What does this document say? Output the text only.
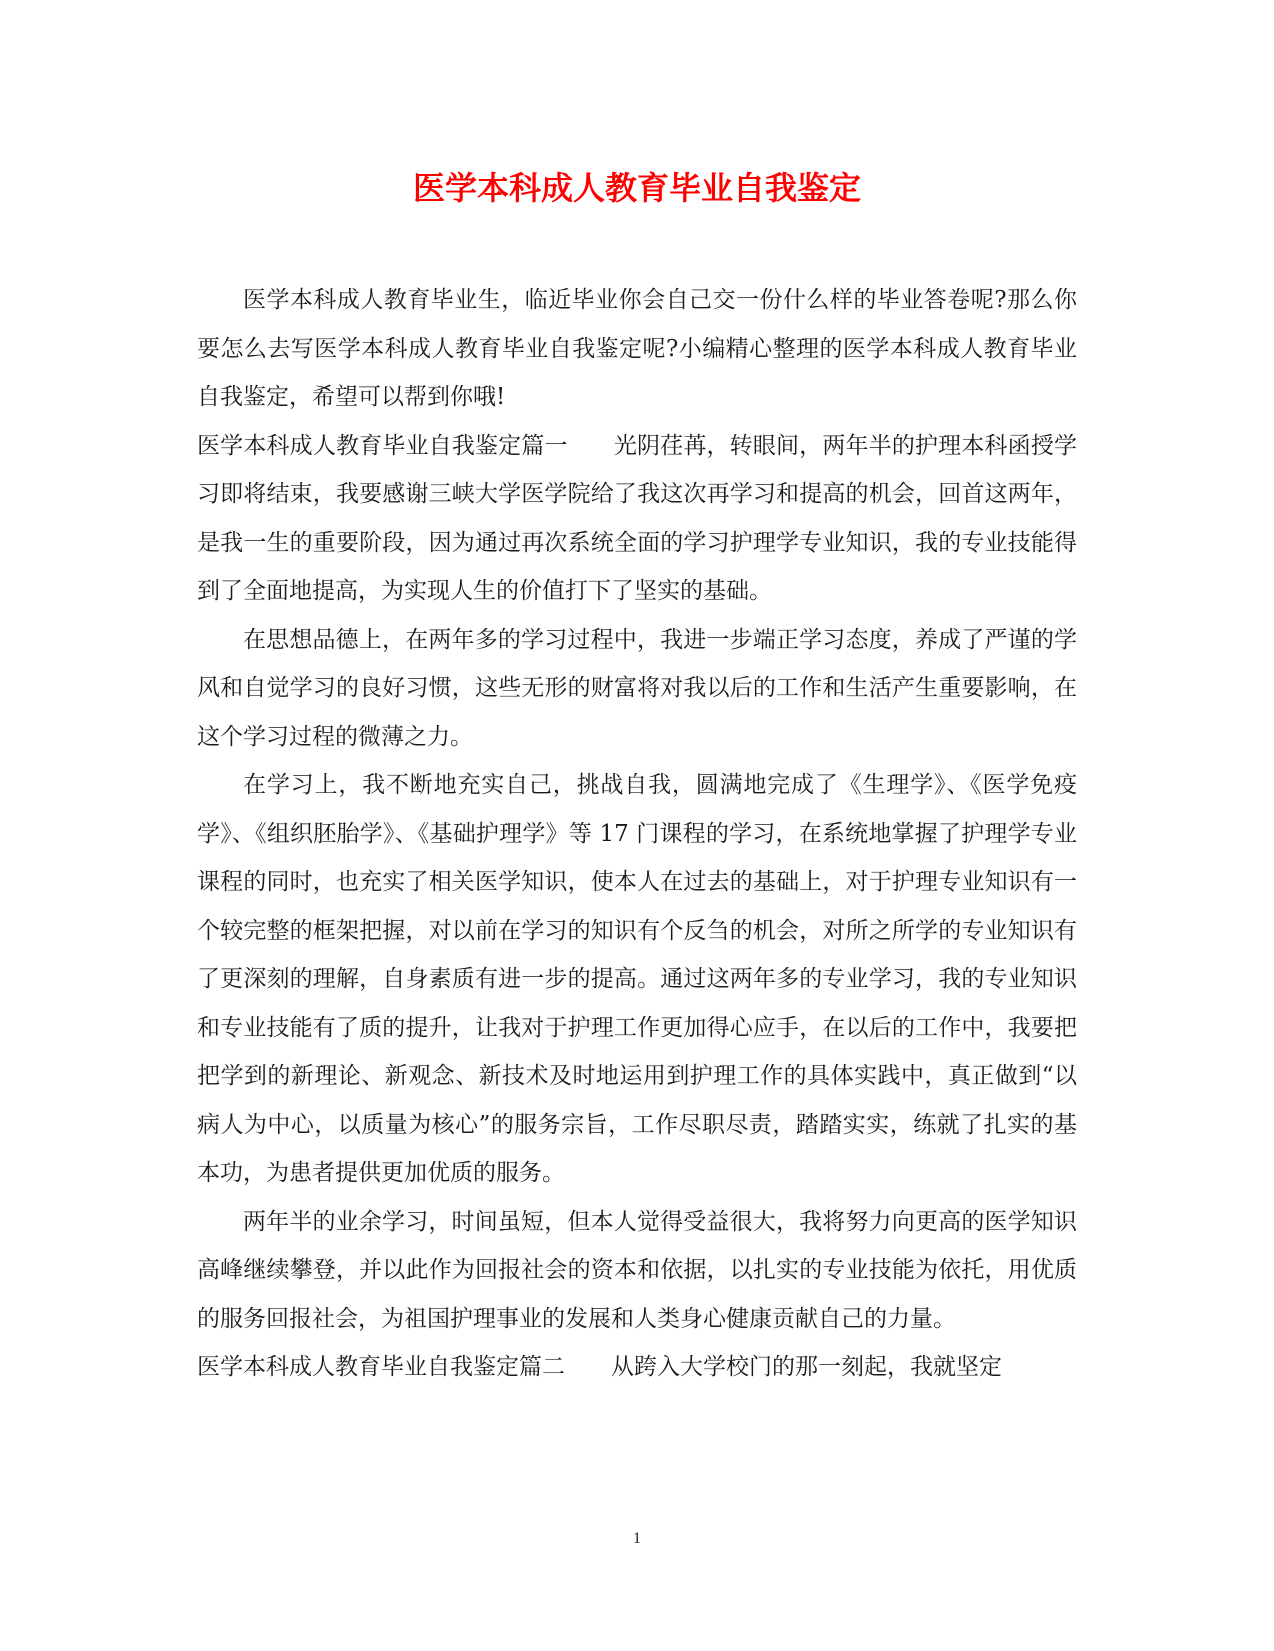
医学本科成人教育毕业自我鉴定

医学本科成人教育毕业生，临近毕业你会自己交一份什么样的毕业答卷呢?那么你要怎么去写医学本科成人教育毕业自我鉴定呢?小编精心整理的医学本科成人教育毕业自我鉴定，希望可以帮到你哦!

医学本科成人教育毕业自我鉴定篇一 光阴荏苒，转眼间，两年半的护理本科函授学习即将结束，我要感谢三峡大学医学院给了我这次再学习和提高的机会，回首这两年，是我一生的重要阶段，因为通过再次系统全面的学习护理学专业知识，我的专业技能得到了全面地提高，为实现人生的价值打下了坚实的基础。

在思想品德上，在两年多的学习过程中，我进一步端正学习态度，养成了严谨的学风和自觉学习的良好习惯，这些无形的财富将对我以后的工作和生活产生重要影响，在这个学习过程的微薄之力。

在学习上，我不断地充实自己，挑战自我，圆满地完成了《生理学》、《医学免疫学》、《组织胚胎学》、《基础护理学》等 17 门课程的学习，在系统地掌握了护理学专业课程的同时，也充实了相关医学知识，使本人在过去的基础上，对于护理专业知识有一个较完整的框架把握，对以前在学习的知识有个反刍的机会，对所之所学的专业知识有了更深刻的理解，自身素质有进一步的提高。通过这两年多的专业学习，我的专业知识和专业技能有了质的提升，让我对于护理工作更加得心应手，在以后的工作中，我要把把学到的新理论、新观念、新技术及时地运用到护理工作的具体实践中，真正做到“以病人为中心，以质量为核心”的服务宗旨，工作尽职尽责，踏踏实实，练就了扎实的基本功，为患者提供更加优质的服务。

两年半的业余学习，时间虽短，但本人觉得受益很大，我将努力向更高的医学知识高峰继续攀登，并以此作为回报社会的资本和依据，以扎实的专业技能为依托，用优质的服务回报社会，为祖国护理事业的发展和人类身心健康贡献自己的力量。

医学本科成人教育毕业自我鉴定篇二 从跨入大学校门的那一刻起，我就坚定

1
